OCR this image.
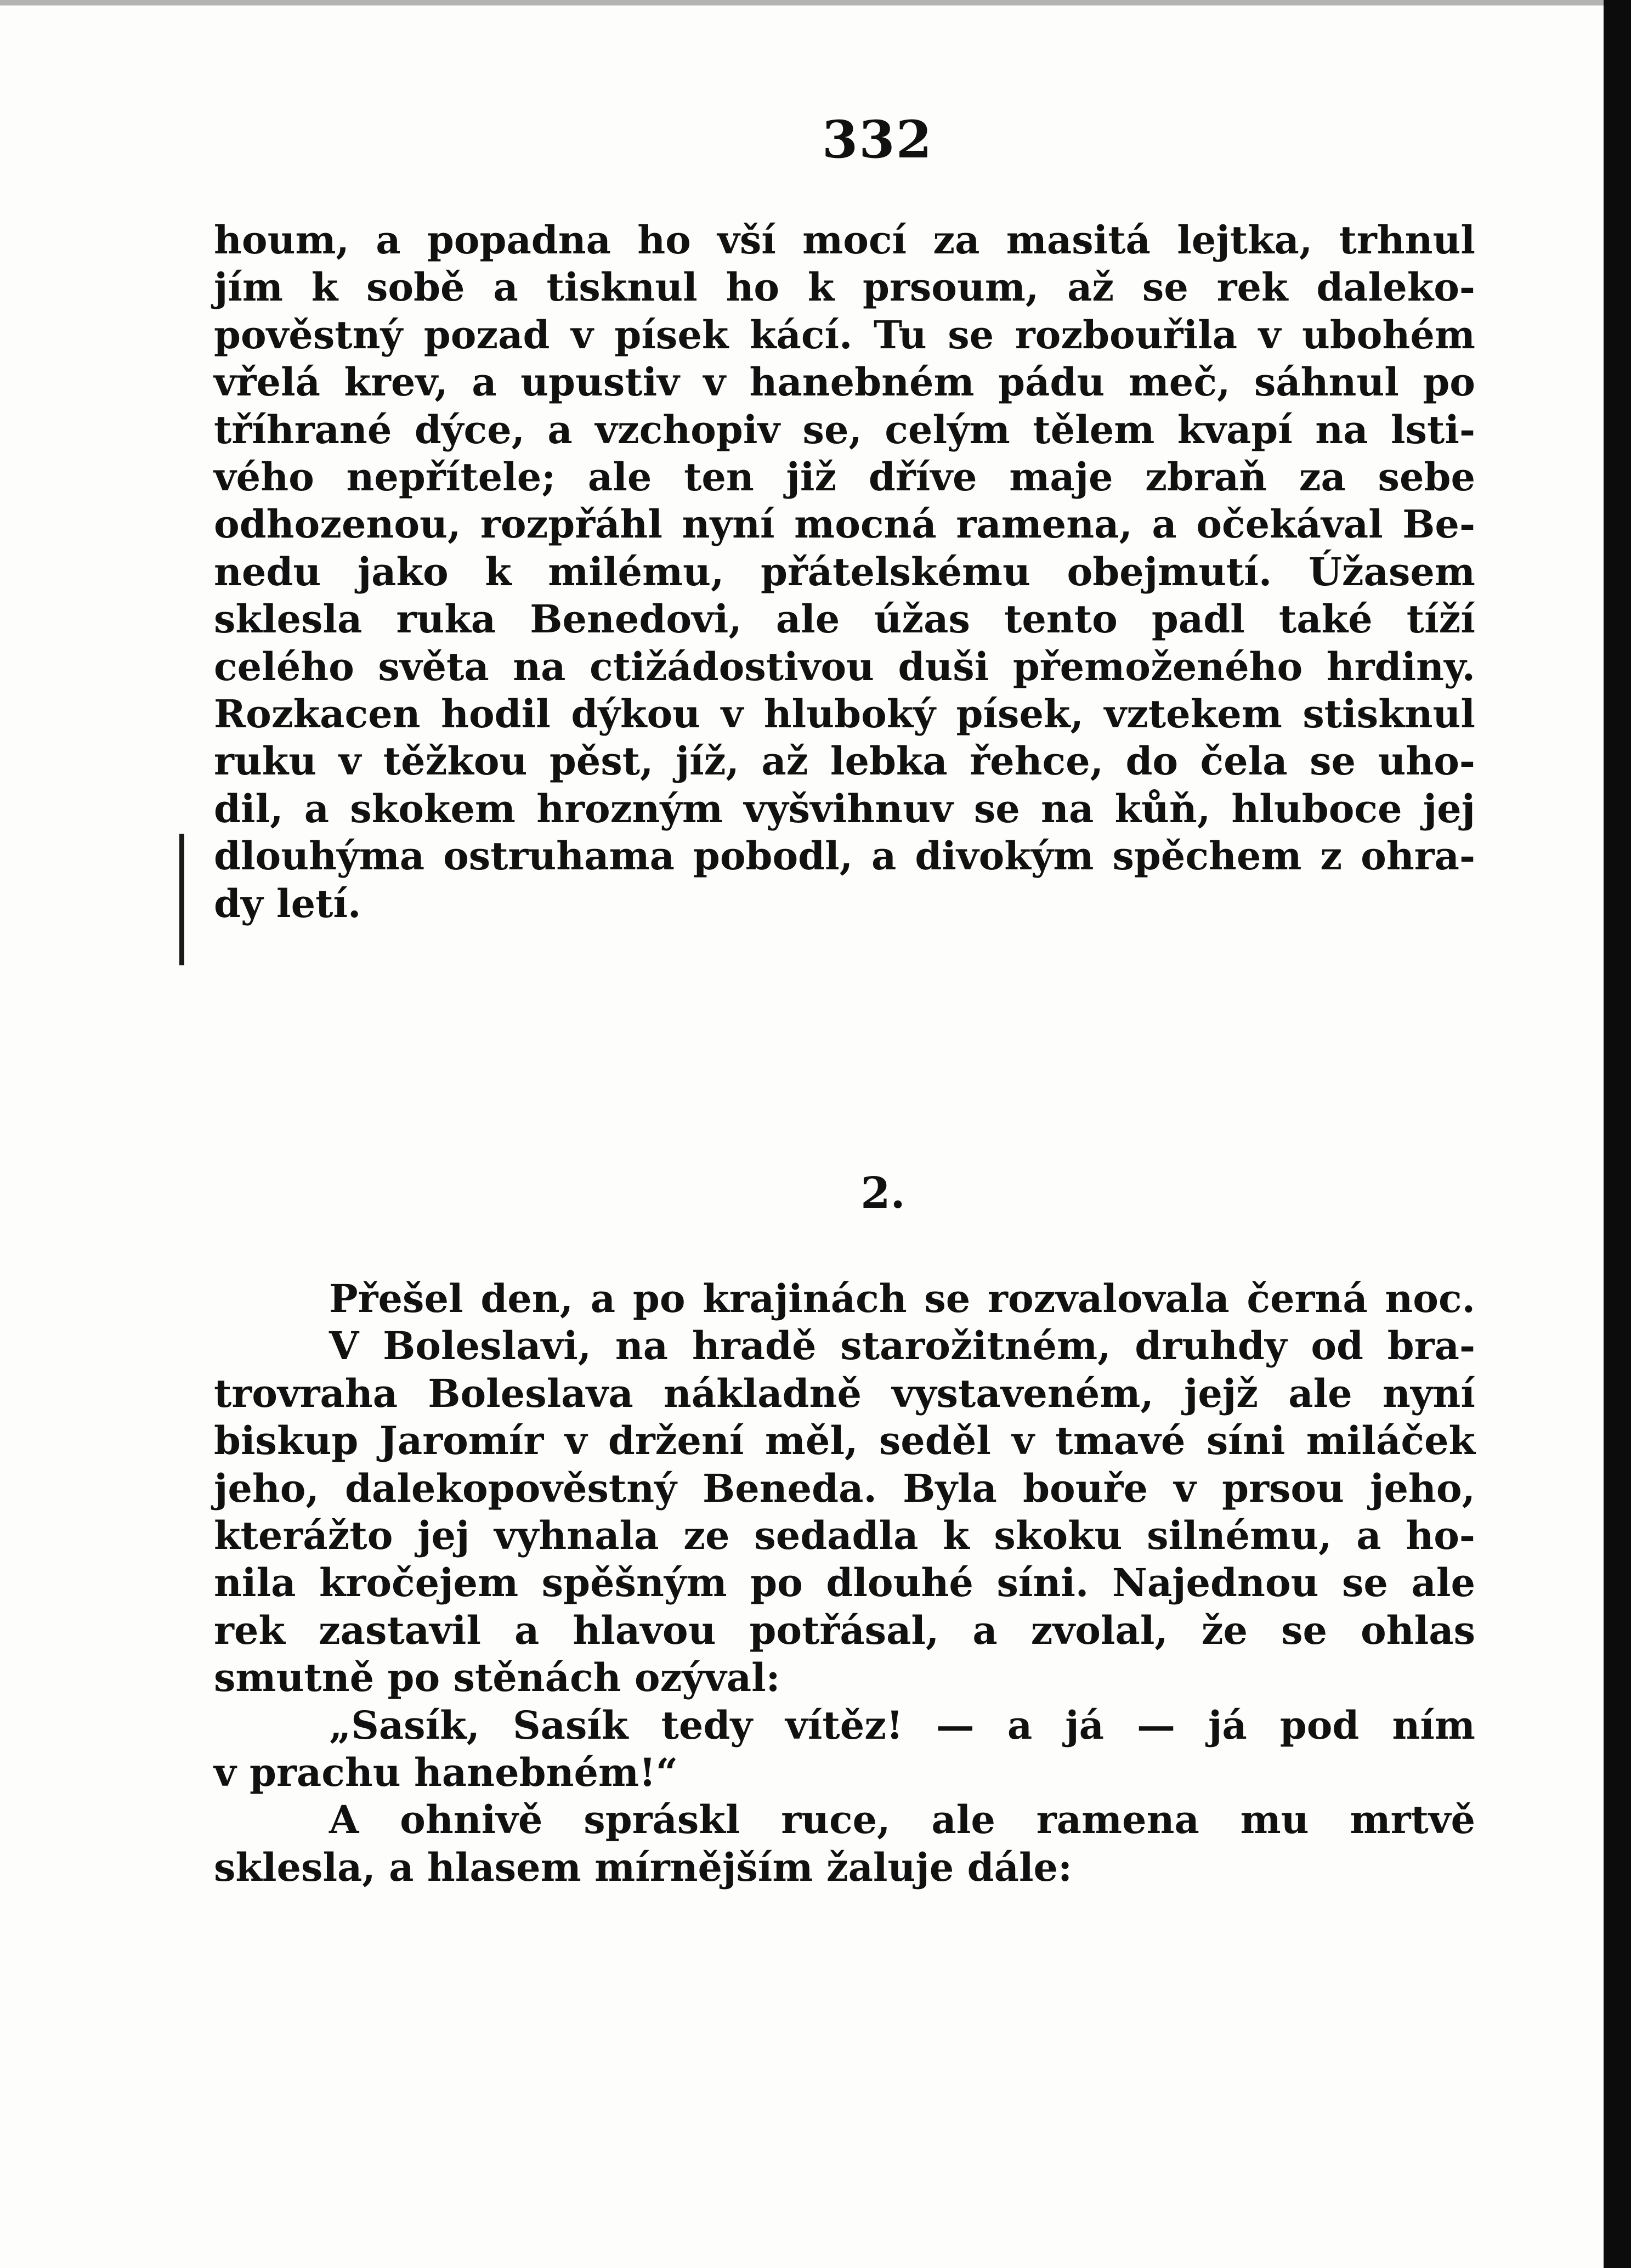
332
houm, a popadna ho vší mocí za masitá lejtka, trhnul
jím k sobě a tisknul ho k prsoum, až se rek daleko-
pověstný pozad v písek kácí. Tu se rozbouřila v ubohém
vřelá krev, a upustiv v hanebném pádu meč, sáhnul po
tříhrané dýce, a vzchopiv se, celým tělem kvapí na lsti-
vého nepřítele; ale ten již dříve maje zbraň za sebe
odhozenou, rozpřáhl nyní mocná ramena, a očekával Be-
nedu jako k milému, přátelskému obejmutí. Úžasem
sklesla ruka Benedovi, ale úžas tento padl také tíží
celého světa na ctižádostivou duši přemoženého hrdiny.
Rozkacen hodil dýkou v hluboký písek, vztekem stisknul
ruku v těžkou pěst, jíž, až lebka řehce, do čela se uho-
dil, a skokem hrozným vyšvihnuv se na kůň, hluboce jej
dlouhýma ostruhama pobodl, a divokým spěchem z ohra-
dy letí.
2.
Přešel den, a po krajinách se rozvalovala černá noc.
V Boleslavi, na hradě starožitném, druhdy od bra-
trovraha Boleslava nákladně vystaveném, jejž ale nyní
biskup Jaromír v držení měl, seděl v tmavé síni miláček
jeho, dalekopověstný Beneda. Byla bouře v prsou jeho,
kterážto jej vyhnala ze sedadla k skoku silnému, a ho-
nila kročejem spěšným po dlouhé síni. Najednou se ale
rek zastavil a hlavou potřásal, a zvolal, že se ohlas
smutně po stěnách ozýval:
„Sasík, Sasík tedy vítěz! — a já — já pod ním
v prachu hanebném!“
A ohnivě spráskl ruce, ale ramena mu mrtvě
sklesla, a hlasem mírnějším žaluje dále:
